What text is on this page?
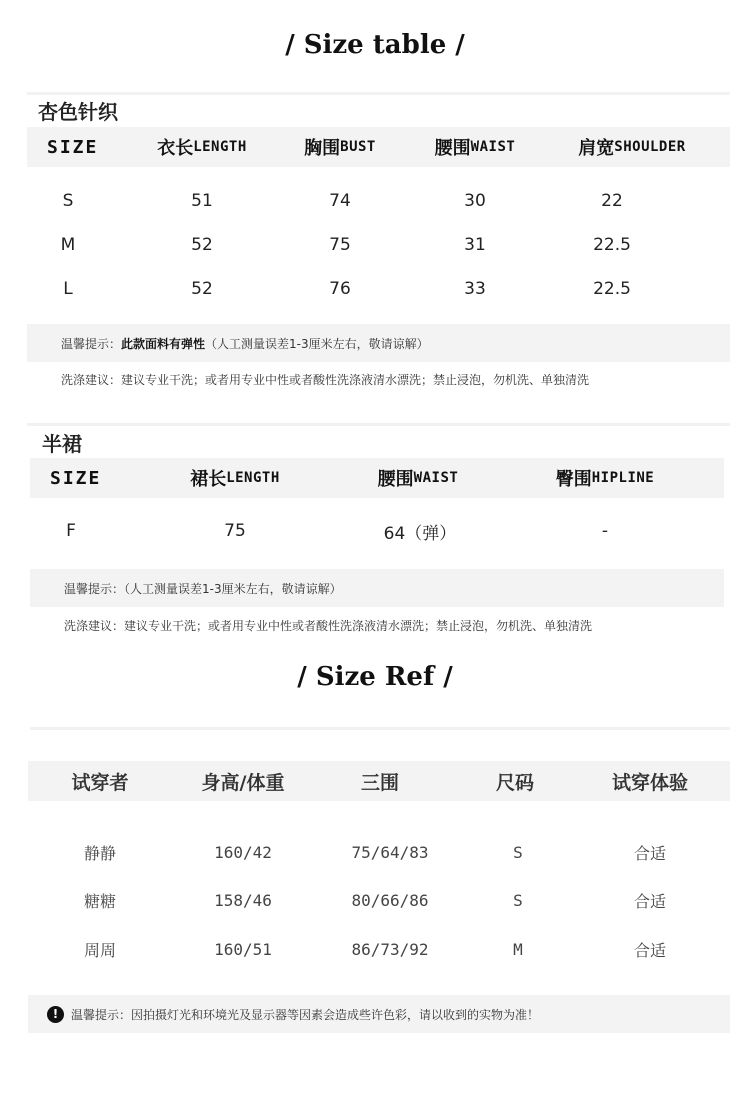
/ Size table /
杏色针织
SIZE	衣长 LENGTH	胸围 BUST	腰围 WAIST	肩宽 SHOULDER
S	51	74	30	22
M	52	75	31	22.5
L	52	76	33	22.5
温馨提示： 此款面料有弹性 （人工测量误差1-3厘米左右，敬请谅解）
洗涤建议：建议专业干洗；或者用专业中性或者酸性洗涤液清水漂洗；禁止浸泡，勿机洗、单独清洗
半裙
SIZE	裙长 LENGTH	腰围 WAIST	臀围 HIPLINE
F	75	64（弹）	-
温馨提示：（人工测量误差1-3厘米左右，敬请谅解）
洗涤建议：建议专业干洗；或者用专业中性或者酸性洗涤液清水漂洗；禁止浸泡，勿机洗、单独清洗
/ Size Ref /
试穿者	身高/体重	三围	尺码	试穿体验
静静	160/42	75/64/83	S	合适
糖糖	158/46	80/66/86	S	合适
周周	160/51	86/73/92	M	合适
!	温馨提示：因拍摄灯光和环境光及显示器等因素会造成些许色彩，请以收到的实物为准！
